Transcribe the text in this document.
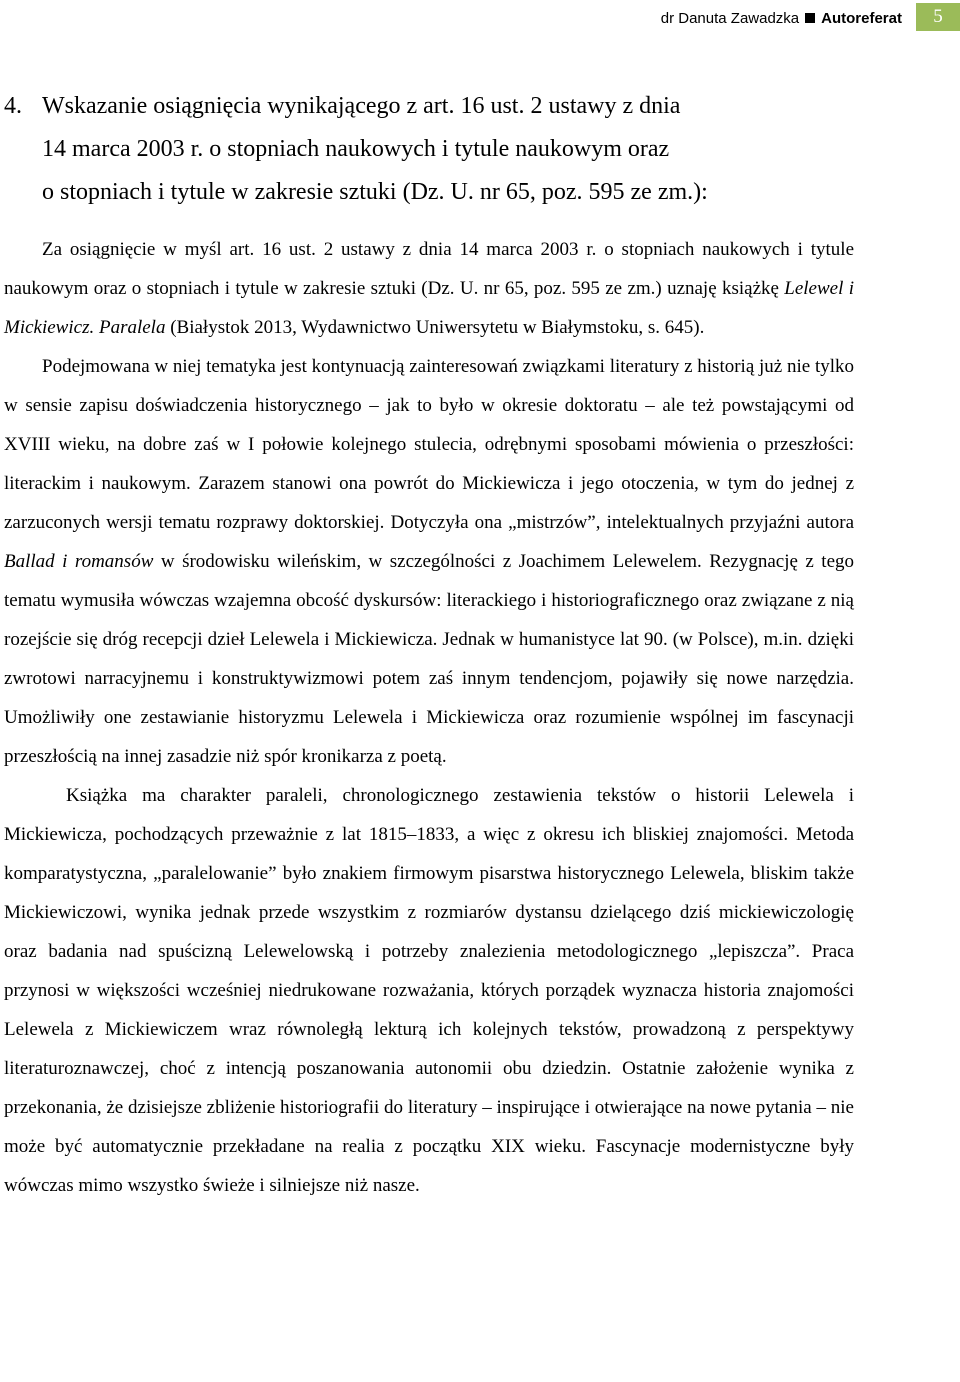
dr Danuta Zawadzka Autoreferat	5
4. Wskazanie osiągnięcia wynikającego z art. 16 ust. 2 ustawy z dnia
14 marca 2003 r. o stopniach naukowych i tytule naukowym oraz
o stopniach i tytule w zakresie sztuki (Dz. U. nr 65, poz. 595 ze zm.):

Za osiągnięcie w myśl art. 16 ust. 2 ustawy z dnia 14 marca 2003 r. o stopniach naukowych i tytule naukowym oraz o stopniach i tytule w zakresie sztuki (Dz. U. nr 65, poz. 595 ze zm.) uznaję książkę Lelewel i Mickiewicz. Paralela (Białystok 2013, Wydawnictwo Uniwersytetu w Białymstoku, s. 645).

Podejmowana w niej tematyka jest kontynuacją zainteresowań związkami literatury z historią już nie tylko w sensie zapisu doświadczenia historycznego – jak to było w okresie doktoratu – ale też powstającymi od XVIII wieku, na dobre zaś w I połowie kolejnego stulecia, odrębnymi sposobami mówienia o przeszłości: literackim i naukowym. Zarazem stanowi ona powrót do Mickiewicza i jego otoczenia, w tym do jednej z zarzuconych wersji tematu rozprawy doktorskiej. Dotyczyła ona „mistrzów”, intelektualnych przyjaźni autora Ballad i romansów w środowisku wileńskim, w szczególności z Joachimem Lelewelem. Rezygnację z tego tematu wymusiła wówczas wzajemna obcość dyskursów: literackiego i historiograficznego oraz związane z nią rozejście się dróg recepcji dzieł Lelewela i Mickiewicza. Jednak w humanistyce lat 90. (w Polsce), m.in. dzięki zwrotowi narracyjnemu i konstruktywizmowi potem zaś innym tendencjom, pojawiły się nowe narzędzia. Umożliwiły one zestawianie historyzmu Lelewela i Mickiewicza oraz rozumienie wspólnej im fascynacji przeszłością na innej zasadzie niż spór kronikarza z poetą.

Książka ma charakter paraleli, chronologicznego zestawienia tekstów o historii Lelewela i Mickiewicza, pochodzących przeważnie z lat 1815–1833, a więc z okresu ich bliskiej znajomości. Metoda komparatystyczna, „paralelowanie” było znakiem firmowym pisarstwa historycznego Lelewela, bliskim także Mickiewiczowi, wynika jednak przede wszystkim z rozmiarów dystansu dzielącego dziś mickiewiczologię oraz badania nad spuścizną Lelewelowską i potrzeby znalezienia metodologicznego „lepiszcza”. Praca przynosi w większości wcześniej niedrukowane rozważania, których porządek wyznacza historia znajomości Lelewela z Mickiewiczem wraz równoległą lekturą ich kolejnych tekstów, prowadzoną z perspektywy literaturoznawczej, choć z intencją poszanowania autonomii obu dziedzin. Ostatnie założenie wynika z przekonania, że dzisiejsze zbliżenie historiografii do literatury – inspirujące i otwierające na nowe pytania – nie może być automatycznie przekładane na realia z początku XIX wieku. Fascynacje modernistyczne były wówczas mimo wszystko świeże i silniejsze niż nasze.
